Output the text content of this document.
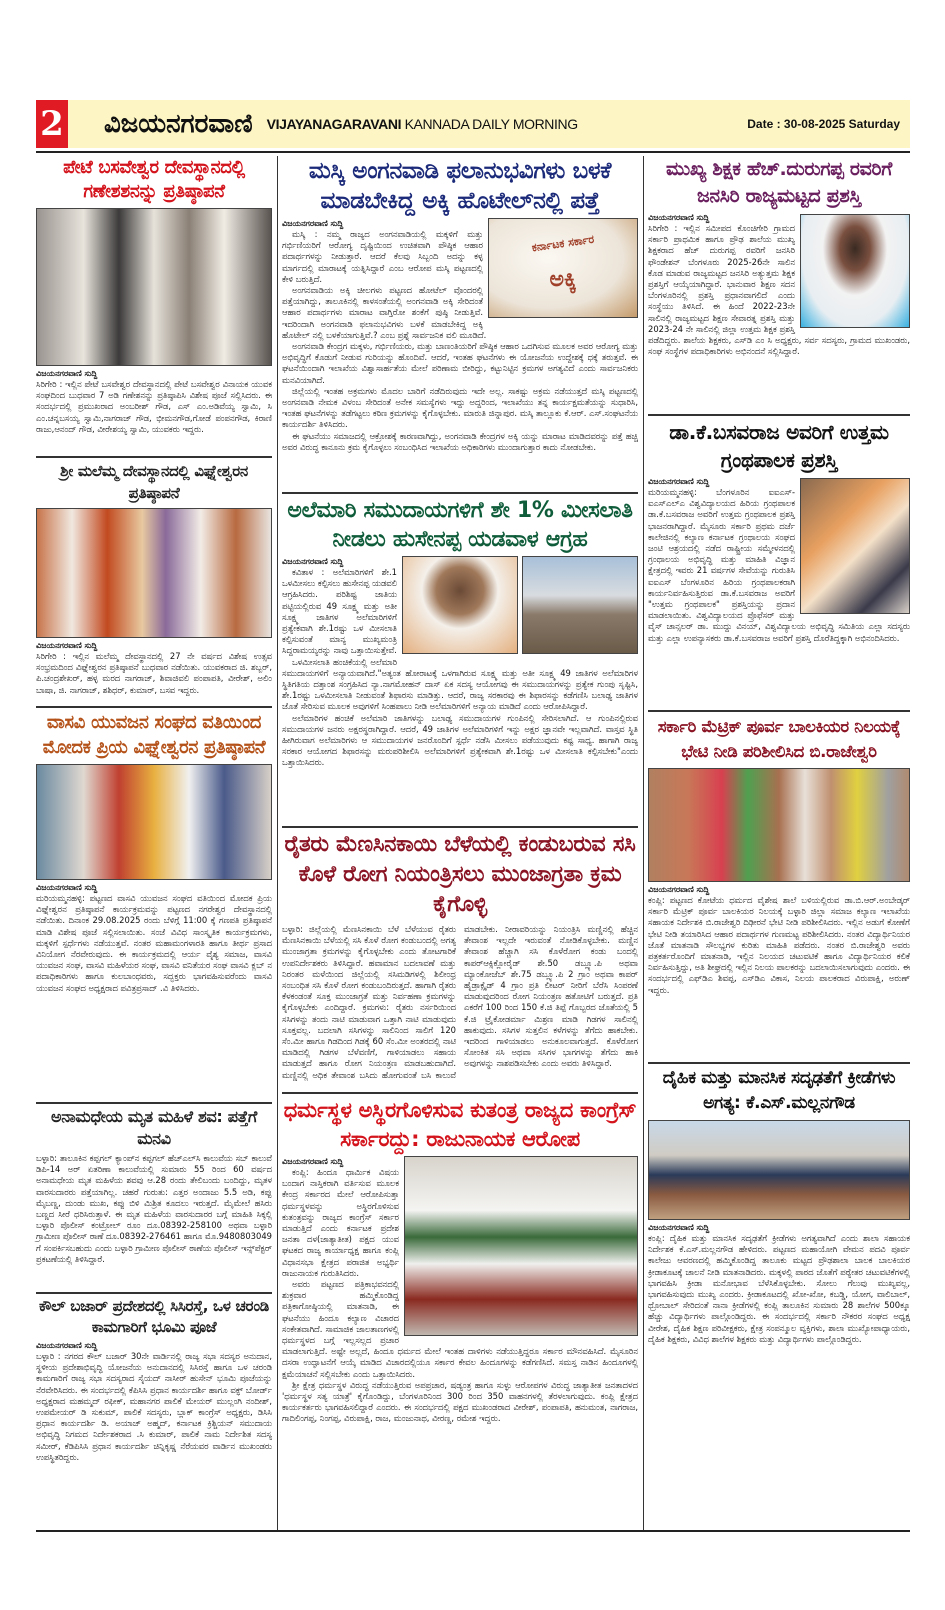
2 ವಿಜಯನಗರವಾಣಿ VIJAYANAGARAVANI KANNADA DAILY MORNING	Date : 30-08-2025 Saturday
ಪೇಟೆ ಬಸವೇಶ್ವರ ದೇವಸ್ಥಾನದಲ್ಲಿ ಗಣೇಶಶನನ್ನು ಪ್ರತಿಷ್ಠಾಪನೆ
ವಿಜಯನಗರವಾಣಿ ಸುದ್ದಿ
ಸಿರಿಗೇರಿ : ಇಲ್ಲಿನ ಪೇಟೆ ಬಸವೇಶ್ವರ ದೇವಸ್ಥಾನದಲ್ಲಿ ಪೇಟೆ ಬಸವೇಶ್ವರ ವಿನಾಯಕ ಯುವಕ ಸಂಘದಿಂದ ಬುಧವಾರ 7 ಅಡಿ ಗಣೇಶನನ್ನು ಪ್ರತಿಷ್ಠಾಪಿಸಿ ವಿಶೇಷ ಪೂಜೆ ಸಲ್ಲಿಸಿದರು. ಈ ಸಂದರ್ಭದಲ್ಲಿ ಪ್ರಮುಖರಾದ ಅಂಬರೀಶ್ ಗೌಡ, ಎಸ್ ಎಂ.ಅಡಿವೆಯ್ಯ ಸ್ವಾಮಿ, ಸಿ ಎಂ.ಚನ್ನಬಸಯ್ಯ ಸ್ವಾಮಿ,ನಾಗರಾಜ್ ಗೌಡ, ಭೀಮನಗೌಡ,ಗೋಡೆ ಪಂಪನಗೌಡ, ಕಿರಾಣಿ ರಾಜು,ಆನಂದ್ ಗೌಡ, ವೀರೇಶಯ್ಯ ಸ್ವಾಮಿ, ಯುವಕರು ಇದ್ದರು.
ಶ್ರೀ ಮಲೆಮ್ಮ ದೇವಸ್ಥಾನದಲ್ಲಿ ವಿಘ್ನೇಶ್ವರನ ಪ್ರತಿಷ್ಠಾಪನೆ
ವಿಜಯನಗರವಾಣಿ ಸುದ್ದಿ
ಸಿರಿಗೇರಿ : ಇಲ್ಲಿನ ಮಲೆಮ್ಮ ದೇವಸ್ಥಾನದಲ್ಲಿ 27 ನೇ ವರ್ಷದ ವಿಶೇಷ ಉತ್ಸವ ಸಂಭ್ರಮದಿಂದ ವಿಘ್ನೇಶ್ವರನ ಪ್ರತಿಷ್ಠಾಪನೆ ಬುಧವಾರ ನಡೆಯಿತು. ಯುವಕರಾದ ಜಿ. ಶಬ್ಬರ್, ಪಿ.ಚಂದ್ರಶೇಖರ್, ಹಳ್ಳ ಮರದ ನಾಗರಾಜ್, ಶಿವಾಜಿವಲಿ ಪಂಪಾಪತಿ, ವೀರೇಶ್, ಅಲಿಂ ಬಾಷಾ, ಜಿ. ನಾಗರಾಜ್, ಶಶಿಧರ್, ಕುಮಾರ್, ಬಸವ ಇದ್ದರು.
ವಾಸವಿ ಯುವಜನ ಸಂಘದ ವತಿಯಿಂದ ಮೋದಕ ಪ್ರಿಯ ವಿಘ್ನೇಶ್ವರನ ಪ್ರತಿಷ್ಠಾಪನೆ
ವಿಜಯನಗರವಾಣಿ ಸುದ್ದಿ
ಮರಿಯಮ್ಮನಹಳ್ಳಿ: ಪಟ್ಟಣದ ವಾಸವಿ ಯುವಜನ ಸಂಘದ ವತಿಯಿಂದ ಮೋದಕ ಪ್ರಿಯ ವಿಘ್ನೇಶ್ವರನ ಪ್ರತಿಷ್ಠಾಪನೆ ಕಾರ್ಯಕ್ರಮವನ್ನು ಪಟ್ಟಣದ ನಗರೇಶ್ವರ ದೇವಸ್ಥಾನದಲ್ಲಿ ನಡೆಯಿತು. ದಿನಾಂಕ 29.08.2025 ರಂದು ಬೆಳಿಗ್ಗೆ 11:00 ಕ್ಕೆ ಗಣಪತಿ ಪ್ರತಿಷ್ಠಾಪನೆ ಮಾಡಿ ವಿಶೇಷ ಪೂಜೆ ಸಲ್ಲಿಸಲಾಯಿತು. ಸಂಜೆ ವಿವಿಧ ಸಾಂಸ್ಕೃತಿಕ ಕಾರ್ಯಕ್ರಮಗಳು, ಮಕ್ಕಳಿಗೆ ಸ್ಪರ್ಧೆಗಳು ನಡೆಯುತ್ತವೆ. ನಂತರ ಮಹಾಮಂಗಳಾರತಿ ಹಾಗೂ ತೀರ್ಥ ಪ್ರಸಾದ ವಿನಿಯೋಗ ನೆರವೇರುವುದು. ಈ ಕಾರ್ಯಕ್ರಮದಲ್ಲಿ ಆರ್ಯ ವೈಶ್ಯ ಸಮಾಜ, ವಾಸವಿ ಯುವಜನ ಸಂಘ, ವಾಸವಿ ಮಹಿಳೆಯರ ಸಂಘ, ವಾಸವಿ ವನಿತೆಯರ ಸಂಘ ವಾಸವಿ ಕ್ಲಬ್ ನ ಪದಾಧಿಕಾರಿಗಳು ಹಾಗೂ ಕುಲಬಾಂಧವರು, ಸದ್ಭಕ್ತರು ಭಾಗವಹಿಸುವರೆಂದು ವಾಸವಿ ಯುವಜನ ಸಂಘದ ಅಧ್ಯಕ್ಷರಾದ ಪವಿತ್ರಪ್ರಸಾದ್ .ವಿ ತಿಳಿಸಿದರು.
ಅನಾಮಧೇಯ ಮೃತ ಮಹಿಳೆ ಶವ: ಪತ್ತೆಗೆ ಮನವಿ
ಬಳ್ಳಾರಿ: ತಾಲೂಕಿನ ಕಪ್ಪಗಲ್ ಕ್ಯಾಂಪ್‌ನ ಕಪ್ಪಗಲ್ ಹೆಚ್‌ಎಲ್‌ಸಿ ಕಾಲುವೆಯ ಸಬ್ ಕಾಲುವೆ ಡಿಪಿ-14 ಅರ್ ಏತರಿಣಾ ಕಾಲುವೆಯಲ್ಲಿ ಸುಮಾರು 55 ರಿಂದ 60 ವರ್ಷದ ಅನಾಮಧೇಯ ಮೃತ ಮಹಿಳೆಯ ಶವವು ಆ.28 ರಂದು ತೇಲಿಬಂದು ಬಂದಿದ್ದು, ಮೃತಳ ವಾರಸುದಾರರು ಪತ್ತೆಯಾಗಿಲ್ಲ. ಚಹರೆ ಗುರುತು: ಎತ್ತರ ಅಂದಾಜು 5.5 ಅಡಿ, ಕಪ್ಪು ಮೈಬಣ್ಣ, ದುಂಡು ಮುಖ, ಕಪ್ಪು ಬಿಳಿ ಮಿಶ್ರಿತ ಕೂದಲು ಇರುತ್ತದೆ. ಮೈಮೇಲೆ ಹಸಿರು ಬಣ್ಣದ ಸೀರೆ ಧರಿಸಿರುತ್ತಾಳೆ. ಈ ಮೃತ ಮಹಿಳೆಯ ವಾರಸುದಾರರ ಬಗ್ಗೆ ಮಾಹಿತಿ ಸಿಕ್ಕಲ್ಲಿ ಬಳ್ಳಾರಿ ಪೊಲೀಸ್ ಕಂಟ್ರೋಲ್ ರೂಂ ದೂ.08392-258100 ಅಥವಾ ಬಳ್ಳಾರಿ ಗ್ರಾಮೀಣ ಪೊಲೀಸ್ ಠಾಣೆ ದೂ.08392-276461 ಹಾಗೂ ಮೊ.9480803049 ಗೆ ಸಂಪರ್ಕಿಸಬಹುದು ಎಂದು ಬಳ್ಳಾರಿ ಗ್ರಾಮೀಣ ಪೊಲೀಸ್ ಠಾಣೆಯ ಪೊಲೀಸ್ ಇನ್ಸ್‌ಪೆಕ್ಟರ್ ಪ್ರಕಟಣೆಯಲ್ಲಿ ತಿಳಿಸಿದ್ದಾರೆ.
ಕೌಲ್ ಬಜಾರ್ ಪ್ರದೇಶದಲ್ಲಿ ಸಿಸಿರಸ್ತೆ, ಒಳ ಚರಂಡಿ ಕಾಮಗಾರಿಗೆ ಭೂಮಿ ಪೂಜೆ
ವಿಜಯನಗರವಾಣಿ ಸುದ್ದಿ
ಬಳ್ಳಾರಿ : ನಗರದ ಕೌಲ್ ಬಜಾರ್ 30ನೇ ವಾರ್ಡಿನಲ್ಲಿ ರಾಜ್ಯ ಸಭಾ ಸದಸ್ಯರ ಅನುದಾನ, ಸ್ಥಳೀಯ ಪ್ರದೇಶಾಭಿವೃದ್ಧಿ ಯೋಜನೆಯ ಅನುದಾನದಲ್ಲಿ ಸಿಸಿರಸ್ತೆ ಹಾಗೂ ಒಳ ಚರಂಡಿ ಕಾಮಗಾರಿಗೆ ರಾಜ್ಯ ಸಭಾ ಸದಸ್ಯರಾದ ಸೈಯದ್ ನಾಸೀರ್ ಹುಸೇನ್ ಭೂಮಿ ಪೂಜೆಯನ್ನು ನೆರವೇರಿಸಿದರು. ಈ ಸಂದರ್ಭದಲ್ಲಿ ಕೆಪಿಸಿಸಿ ಪ್ರಧಾನ ಕಾರ್ಯದರ್ಶಿ ಹಾಗೂ ವಕ್ಫ್ ಬೋರ್ಡ್ ಅಧ್ಯಕ್ಷರಾದ ಮಹಮ್ಮದ್ ರಫೀಕ್, ಮಹಾನಗರ ಪಾಲಿಕೆ ಮೇಯರ್ ಮುಲ್ಲಂಗಿ ನಂದೀಶ್, ಉಪಮೇಯರ್ ಡಿ ಸುಕುಮ್, ಪಾಲಿಕೆ ಸದಸ್ಯರು, ಬ್ಲಾಕ್ ಕಾಂಗ್ರೆಸ್ ಅಧ್ಯಕ್ಷರು, ಡಿಸಿಸಿ ಪ್ರಧಾನ ಕಾರ್ಯದರ್ಶಿ ಡಿ. ಅಯಾಜ್ ಅಹ್ಮದ್, ಕರ್ನಾಟಕ ಕ್ರಿಶ್ಚಿಯನ್ ಸಮುದಾಯ ಅಭಿವೃದ್ಧಿ ನಿಗಮದ ನಿರ್ದೇಶಕರಾದ .ಸಿ ಕುಮಾರ್, ಪಾಲಿಕೆ ನಾಮ ನಿರ್ದೇಶಿತ ಸದಸ್ಯ ಸಮೀರ್, ಕೆಡಿಪಿಸಿಸಿ ಪ್ರಧಾನ ಕಾರ್ಯದರ್ಶಿ ಚಿನ್ನಿಕೃಷ್ಣ ನೆರೆಯವರ ವಾರ್ಡಿನ ಮುಖಂಡರು ಉಪಸ್ಥಿತರಿದ್ದರು.
ಮಸ್ಕಿ ಅಂಗನವಾಡಿ ಫಲಾನುಭವಿಗಳು ಬಳಕೆ ಮಾಡಬೇಕಿದ್ದ ಅಕ್ಕಿ ಹೊಟೇಲ್‌ನಲ್ಲಿ ಪತ್ತೆ
ಕರ್ನಾಟಕ ಸರ್ಕಾರ
ಅಕ್ಕಿ
ವಿಜಯನಗರವಾಣಿ ಸುದ್ದಿ

ಮಸ್ಕಿ : ನಮ್ಮ ರಾಜ್ಯದ ಅಂಗನವಾಡಿಯಲ್ಲಿ ಮಕ್ಕಳಿಗೆ ಮತ್ತು ಗರ್ಭಿಣಿಯರಿಗೆ ಆರೋಗ್ಯ ದೃಷ್ಟಿಯಿಂದ ಉಚಿತವಾಗಿ ಪೌಷ್ಠಿಕ ಆಹಾರ ಪದಾರ್ಥಗಳನ್ನು ನೀಡುತ್ತಾರೆ. ಆದರೆ ಕೆಲವು ಸಿಬ್ಬಂದಿ ಅದನ್ನು ಕಳ್ಳ ಮಾರ್ಗದಲ್ಲಿ ಮಾರಾಟಕ್ಕೆ ಯತ್ನಿಸಿದ್ದಾರೆ ಎಂಬ ಆರೋಪ ಮಸ್ಕಿ ಪಟ್ಟಣದಲ್ಲಿ ಕೇಳಿ ಬರುತ್ತಿದೆ.

ಅಂಗನವಾಡಿಯ ಅಕ್ಕಿ ಚೀಲಗಳು ಪಟ್ಟಣದ ಹೋಟೆಲ್ ವೊಂದರಲ್ಲಿ ಪತ್ತೆಯಾಗಿದ್ದು, ತಾಲೂಕಿನಲ್ಲಿ ಕಾಳಸಂತೆಯಲ್ಲಿ ಅಂಗನವಾಡಿ ಅಕ್ಕಿ ಸೇರಿದಂತೆ ಆಹಾರ ಪದಾರ್ಥಗಳು ಮಾರಾಟ ವಾಗ್ತಿರೋ ಶಂಕೆಗೆ ಪುಷ್ಠಿ ನೀಡುತ್ತಿವೆ. ಇದರಿಂದಾಗಿ ಅಂಗನವಾಡಿ ಫಲಾನುಭವಿಗಳು ಬಳಕೆ ಮಾಡಬೇಕಿದ್ದ ಅಕ್ಕಿ ಹೊಟೇಲ್ ನಲ್ಲಿ ಬಳಕೆಯಾಗುತ್ತಿವೆ.? ಎಂಬ ಪ್ರಶ್ನೆ ಸಾರ್ವಜನಿಕ ವಲಿ ಮೂಡಿದೆ.

ಅಂಗನವಾಡಿ ಕೇಂದ್ರಗ ಮಕ್ಕಳು, ಗರ್ಭಿಣಿಯರು, ಮತ್ತು ಬಾಣಂತಿಯರಿಗೆ ಪೌಷ್ಠಿಕ ಆಹಾರ ಒದಗಿಸುವ ಮೂಲಕ ಅವರ ಆರೋಗ್ಯ ಮತ್ತು ಅಭಿವೃದ್ಧಿಗೆ ಕೊಡುಗೆ ನೀಡುವ ಗುರಿಯನ್ನು ಹೊಂದಿವೆ. ಆದರೆ, ಇಂತಹ ಘಟನೆಗಳು ಈ ಯೋಜನೆಯ ಉದ್ದೇಶಕ್ಕೆ ಧಕ್ಕೆ ತರುತ್ತವೆ. ಈ ಘಟನೆಯಿಂದಾಗಿ ಇಲಾಖೆಯ ವಿಶ್ವಾಸಾರ್ಹತೆಯ ಮೇಲೆ ಪರಿಣಾಮ ಬೀರಿದ್ದು, ಕಟ್ಟುನಿಟ್ಟಿನ ಕ್ರಮಗಳ ಅಗತ್ಯವಿದೆ ಎಂದು ಸಾರ್ವಜನಿಕರು ಮನವಿಯಾಗಿದೆ.

ಜಿಲ್ಲೆಯಲ್ಲಿ ಇಂತಹ ಅಕ್ರಮಗಳು ಮೊದಲ ಬಾರಿಗೆ ನಡೆದಿರುವುದು ಇದೇ ಅಲ್ಲ. ಸಾಕಷ್ಟು ಅಕ್ರಮ ನಡೆಯುತ್ತದೆ ಮಸ್ಕಿ ಪಟ್ಟಣದಲ್ಲಿ ಅಂಗನವಾಡಿ ನೇಮಕ ವಿಳಂಬ ಸೇರಿದಂತೆ ಅನೇಕ ಸಮಸ್ಯೆಗಳು ಇದ್ದು ಅದ್ದರಿಂದ, ಇಲಾಖೆಯು ತನ್ನ ಕಾರ್ಯಕ್ಷಮತೆಯನ್ನು ಸುಧಾರಿಸಿ, ಇಂತಹ ಘಟನೆಗಳನ್ನು ತಡೆಗಟ್ಟಲು ಕಠಿಣ ಕ್ರಮಗಳನ್ನು ಕೈಗೊಳ್ಳಬೇಕು. ಮಾರುತಿ ಜಿನ್ನಾಪುರ. ಮಸ್ಕಿ ತಾಲ್ಲೂಕು ಕೆ.ಆರ್. ಎಸ್.ಸಂಘಟನೆಯ ಕಾರ್ಯದರ್ಶಿ ತಿಳಿಸಿದರು.

ಈ ಘಟನೆಯು ಸಮಾಜದಲ್ಲಿ ಆಕ್ರೋಶಕ್ಕೆ ಕಾರಣವಾಗಿದ್ದು, ಅಂಗನವಾಡಿ ಕೇಂದ್ರಗಳ ಅಕ್ಕಿ ಯನ್ನು ಮಾರಾಟ ಮಾಡಿದವರನ್ನು ಪತ್ತೆ ಹಚ್ಚಿ ಅವರ ವಿರುದ್ಧ ಕಾನೂನು ಕ್ರಮ ಕೈಗೊಳ್ಳಲು ಸಂಬಂಧಿಸಿದ ಇಲಾಖೆಯ ಅಧಿಕಾರಿಗಳು ಮುಂದಾಗುತ್ತಾರ ಕಾದು ನೋಡಬೇಕು.

ಅಲೆಮಾರಿ ಸಮುದಾಯಗಳಿಗೆ ಶೇ 1% ಮೀಸಲಾತಿ ನೀಡಲು ಹುಸೇನಪ್ಪ ಯಡವಾಳ ಆಗ್ರಹ
ವಿಜಯನಗರವಾಣಿ ಸುದ್ದಿ

ಕವಿತಾಳ : ಅಲೆಮಾರಿಗಳಿಗೆ ಶೇ.1 ಒಳಮೀಸಲು ಕಲ್ಪಿಸಲು ಹುಸೇನಪ್ಪ ಯಡವಲಿ ಆಗ್ರಹಿಸಿದರು. ಪರಿಶಿಷ್ಟ ಜಾತಿಯ ಪಟ್ಟಿಯಲ್ಲಿರುವ 49 ಸೂಕ್ಷ್ಮ ಮತ್ತು ಅತೀ ಸೂಕ್ಷ್ಮ ಜಾತಿಗಳ ಅಲೆಮಾರಿಗಳಿಗೆ ಪ್ರತ್ಯೇಕವಾಗಿ ಶೇ.1ರಷ್ಟು ಒಳ ಮೀಸಲಾತಿ ಕಲ್ಪಿಸುವಂತೆ ಮಾನ್ಯ ಮುಖ್ಯಮಂತ್ರಿ ಸಿದ್ದರಾಮಯ್ಯರನ್ನು ನಾವು ಒತ್ತಾಯಿಸುತ್ತೇವೆ.

ಒಳಮೀಸಲಾತಿ ಹಂಚಿಕೆಯಲ್ಲಿ ಅಲೆಮಾರಿ ಸಮುದಾಯಗಳಿಗೆ ಅನ್ಯಾಯವಾಗಿದೆ."ಅತ್ಯಂತ ಹೋರಾಟಕ್ಕೆ ಒಳಗಾಗಿರುವ ಸೂಕ್ಷ್ಮ ಮತ್ತು ಅತೀ ಸೂಕ್ಷ್ಮ 49 ಜಾತಿಗಳ ಅಲೆಮಾರಿಗಳ ಸ್ಥಿತಿಗತಿಯ ದತ್ತಾಂಶ ಸಂಗ್ರಹಿಸಿದ ನ್ಯಾ.ನಾಗಮೋಹನ್ ದಾಸ್ ಏಕ ಸದಸ್ಯ ಆಯೋಗವು ಈ ಸಮುದಾಯಗಳನ್ನು ಪ್ರತ್ಯೇಕ ಗುಂಪು ಸೃಷ್ಟಿಸಿ, ಶೇ.1ರಷ್ಟು ಒಳಮೀಸಲಾತಿ ನೀಡುವಂತೆ ಶಿಫಾರಸು ಮಾಡಿತ್ತು. ಆದರೆ, ರಾಜ್ಯ ಸರಕಾರವು ಈ ಶಿಫಾರಸನ್ನು ಕಡೆಗಣಿಸಿ ಬಲಾಢ್ಯ ಜಾತಿಗಳ ಜೊತೆ ಸೇರಿಸುವ ಮೂಲಕ ಅವುಗಳಿಗೆ ಸಿಂಹಪಾಲು ನೀಡಿ ಅಲೆಮಾರಿಗಳಿಗೆ ಅನ್ಯಾಯ ಮಾಡಿದೆ ಎಂದು ಆರೋಪಿಸಿದ್ದಾರೆ.

ಅಲೆಮಾರಿಗಳ ಹಂಚಿಕೆ ಅಲೆಮಾರಿ ಜಾತಿಗಳನ್ನು ಬಲಾಢ್ಯ ಸಮುದಾಯಗಳ ಗುಂಪಿನಲ್ಲಿ ಸೇರಿಸಲಾಗಿದೆ. ಆ ಗುಂಪಿನಲ್ಲಿರುವ ಸಮುದಾಯಗಳ ಜನರು ಅಕ್ಷರಸ್ಥರಾಗಿದ್ದಾರೆ. ಆದರೆ, 49 ಜಾತಿಗಳ ಅಲೆಮಾರಿಗಳಿಗೆ ಇನ್ನು ಅಕ್ಷರ ಜ್ಞಾನವೇ ಇಲ್ಲವಾಗಿದೆ. ವಾಸ್ತವ ಸ್ಥಿತಿ ಹೀಗಿರುವಾಗ ಅಲೆಮಾರಿಗಳು ಆ ಸಮುದಾಯಗಳ ಜನರೊಂದಿಗೆ ಸ್ಪರ್ಧೆ ನಡೆಸಿ ಮೀಸಲು ಪಡೆಯುವುದು ಕಷ್ಟ ಸಾಧ್ಯ. ಹಾಗಾಗಿ ರಾಜ್ಯ ಸರಕಾರ ಆಯೋಗದ ಶಿಫಾರಸನ್ನು ಮರುಪರಿಶೀಲಿಸಿ ಅಲೆಮಾರಿಗಳಿಗೆ ಪ್ರತ್ಯೇಕವಾಗಿ ಶೇ.1ರಷ್ಟು ಒಳ ಮೀಸಲಾತಿ ಕಲ್ಪಿಸಬೇಕು"ಎಂದು ಒತ್ತಾಯಿಸಿದರು.

ರೈತರು ಮೆಣಸಿನಕಾಯಿ ಬೆಳೆಯಲ್ಲಿ ಕಂಡುಬರುವ ಸಸಿ ಕೊಳೆ ರೋಗ ನಿಯಂತ್ರಿಸಲು ಮುಂಜಾಗ್ರತಾ ಕ್ರಮ ಕೈಗೊಳ್ಳಿ
ಬಳ್ಳಾರಿ: ಜಿಲ್ಲೆಯಲ್ಲಿ ಮೆಣಸಿನಕಾಯಿ ಬೆಳೆ ಬೆಳೆಯುವ ರೈತರು ಮೆಣಸಿನಕಾಯಿ ಬೆಳೆಯಲ್ಲಿ ಸಸಿ ಕೊಳೆ ರೋಗ ಕಂಡುಬಂದಲ್ಲಿ ಅಗತ್ಯ ಮುಂಜಾಗ್ರತಾ ಕ್ರಮಗಳನ್ನು ಕೈಗೊಳ್ಳಬೇಕು ಎಂದು ತೋಟಗಾರಿಕೆ ಉಪನಿರ್ದೇಶಕರು ತಿಳಿಸಿದ್ದಾರೆ. ಹವಾಮಾನ ಬದಲಾವಣೆ ಮತ್ತು ನಿರಂತರ ಮಳೆಯಿಂದ ಜಿಲ್ಲೆಯಲ್ಲಿ ಸಸಿಮಡಿಗಳಲ್ಲಿ ಶಿಲೀಂಧ್ರ ಸಂಬಂಧಿತ ಸಸಿ ಕೊಳೆ ರೋಗ ಕಂಡುಬಂದಿರುತ್ತದೆ. ಹಾಗಾಗಿ ರೈತರು ಕೆಳಕಂಡಂತೆ ಸೂಕ್ತ ಮುಂಜಾಗ್ರತೆ ಮತ್ತು ನಿರ್ವಹಣಾ ಕ್ರಮಗಳನ್ನು ಕೈಗೊಳ್ಳಬೇಕು ಎಂದಿದ್ದಾರೆ. ಕ್ರಮಗಳು: ರೈತರು ನರ್ಸರಿಯಿಂದ ಸಸಿಗಳನ್ನು ತಂದು ನಾಟಿ ಮಾಡುವಾಗ ಒತ್ತಾಗಿ ನಾಟಿ ಮಾಡುವುದು ಸೂಕ್ತವಲ್ಲ. ಬದಲಾಗಿ ಸಸಿಗಳನ್ನು ಸಾಲಿನಿಂದ ಸಾಲಿಗೆ 120 ಸೆಂ.ಮೀ ಹಾಗೂ ಗಿಡದಿಂದ ಗಿಡಕ್ಕೆ 60 ಸೆಂ.ಮೀ ಅಂತರದಲ್ಲಿ ನಾಟಿ ಮಾಡಿದಲ್ಲಿ ಗಿಡಗಳ ಬೆಳೆವಣಿಗೆ, ಗಾಳಿಯಾಡಲು ಸಹಾಯ ಮಾಡುತ್ತದೆ ಹಾಗೂ ರೋಗ ನಿಯಂತ್ರಣ ಮಾಡಬಹುದಾಗಿದೆ. ಮಣ್ಣಿನಲ್ಲಿ ಅಧಿಕ ತೇವಾಂಶ ಬಸಿದು ಹೋಗುವಂತೆ ಬಸಿ ಕಾಲುವೆ ಮಾಡಬೇಕು. ನೀರಾವರಿಯನ್ನು ನಿಯಂತ್ರಿಸಿ ಮಣ್ಣಿನಲ್ಲಿ ಹೆಚ್ಚಿನ ತೇವಾಂಶ ಇಲ್ಲದೇ ಇರುವಂತೆ ನೋಡಿಕೊಳ್ಳಬೇಕು. ಮಣ್ಣಿನ ತೇವಾಂಶ ಹೆಚ್ಚಾಗಿ ಸಸಿ ಕೊಳೆರೋಗ ಕಂಡು ಬಂದಲ್ಲಿ ಕಾಪರ್‌ಆಕ್ಸಿಕ್ಲೋರೈಡ್ ಶೇ.50 ಡಬ್ಲ್ಯೂ.ಪಿ ಅಥವಾ ಮ್ಯಾಂಕೋಜೆಬ್ ಶೇ.75 ಡಬ್ಲ್ಯೂ.ಪಿ 2 ಗ್ರಾಂ ಅಥವಾ ಕಾಪರ್ ಹೈಡ್ರಾಕ್ಸೈಡ್ 4 ಗ್ರಾಂ ಪ್ರತಿ ಲೀಟರ್ ನೀರಿಗೆ ಬೆರೆಸಿ ಸಿಂಪರಣೆ ಮಾಡುವುದರಿಂದ ರೋಗ ನಿಯಂತ್ರಣ ಹತೋಟಿಗೆ ಬರುತ್ತದೆ. ಪ್ರತಿ ಎಕರೆಗೆ 100 ರಿಂದ 150 ಕೆ.ಜಿ ತಿಪ್ಪೆ ಗೊಬ್ಬರದ ಜೊತೆಯಲ್ಲಿ 5 ಕೆ.ಜಿ ಟ್ರೈಕೋಡರ್ಮಾ ಮಿಶ್ರಣ ಮಾಡಿ ಗಿಡಗಳ ಸಾಲಿನಲ್ಲಿ ಹಾಕುವುದು. ಸಸಿಗಳ ಸುತ್ತಲಿನ ಕಳೆಗಳನ್ನು ತೆಗೆದು ಹಾಕಬೇಕು. ಇದರಿಂದ ಗಾಳಿಯಾಡಲು ಅನುಕೂಲವಾಗುತ್ತದೆ. ಕೊಳೆರೋಗ ಸೋಂಕಿತ ಸಸಿ ಅಥವಾ ಸಸಿಗಳ ಭಾಗಗಳನ್ನು ತೆಗೆದು ಹಾಕಿ ಅವುಗಳನ್ನು ನಾಶಪಡಿಸಬೇಕು ಎಂದು ಅವರು ತಿಳಿಸಿದ್ದಾರೆ.
ಧರ್ಮಸ್ಥಳ ಅಸ್ಥಿರಗೊಳಿಸುವ ಕುತಂತ್ರ ರಾಜ್ಯದ ಕಾಂಗ್ರೆಸ್ ಸರ್ಕಾರದ್ದು: ರಾಜುನಾಯಕ ಆರೋಪ
ವಿಜಯನಗರವಾಣಿ ಸುದ್ದಿ

ಕಂಪ್ಲಿ: ಹಿಂದೂ ಧಾರ್ಮಿಕ ವಿಷಯ ಬಂದಾಗ ನಾಸ್ತಿಕರಾಗಿ ವರ್ತಿಸುವ ಮೂಲಕ ಕೇಂದ್ರ ಸರ್ಕಾರದ ಮೇಲೆ ಆರೋಪಿಸುತ್ತಾ ಧರ್ಮಸ್ಥಳವನ್ನು ಅಸ್ಥಿರಗೊಳಿಸುವ ಕುತಂತ್ರವನ್ನು ರಾಜ್ಯದ ಕಾಂಗ್ರೆಸ್ ಸರ್ಕಾರ ಮಾಡುತ್ತಿದೆ ಎಂದು ಕರ್ನಾಟಕ ಪ್ರದೇಶ ಜನತಾ ದಳ(ಜಾತ್ಯಾತೀತ) ಪಕ್ಷದ ಯುವ ಘಟಕದ ರಾಜ್ಯ ಕಾರ್ಯಾಧ್ಯಕ್ಷ ಹಾಗೂ ಕಂಪ್ಲಿ ವಿಧಾನಸಭಾ ಕ್ಷೇತ್ರದ ಪರಾಜಿತ ಅಭ್ಯರ್ಥಿ ರಾಜುನಾಯಕ ಗುರುತಿಸಿದರು.

ಅವರು ಪಟ್ಟಣದ ಪತ್ರಿಕಾಭವನದಲ್ಲಿ ಶುಕ್ರವಾರ ಹಮ್ಮಿಕೊಂಡಿದ್ದ ಪತ್ರಿಕಾಗೋಷ್ಠಿಯಲ್ಲಿ ಮಾತನಾಡಿ, ಈ ಘಟನೆಯು ಹಿಂದೂ ಕಲ್ಯಾಣ ವಿಚಾರದ ಸಂಕೇತವಾಗಿದೆ. ಸಾಮಾಜಿಕ ಜಾಲತಾಣಗಳಲ್ಲಿ ಧರ್ಮಸ್ಥಳದ ಬಗ್ಗೆ ಇಲ್ಲಸಲ್ಲದ ಪ್ರಚಾರ ಮಾಡಲಾಗುತ್ತಿದೆ. ಅಷ್ಟೇ ಅಲ್ಲದೆ, ಹಿಂದೂ ಧರ್ಮದ ಮೇಲೆ ಇಂತಹ ದಾಳಿಗಳು ನಡೆಯುತ್ತಿದ್ದರೂ ಸರ್ಕಾರ ಮೌನವಹಿಸಿದೆ. ಮೈಸೂರಿನ ದಸರಾ ಉದ್ಘಾಟನೆಗೆ ಆಯ್ಕೆ ಮಾಡಿದ ವಿಚಾರದಲ್ಲಿಯೂ ಸರ್ಕಾರ ಕೇವಲ ಹಿಂದೂಗಳನ್ನು ಕಡೆಗಣಿಸಿದೆ. ಸಮಸ್ತ ನಾಡಿನ ಹಿಂದೂಗಳಲ್ಲಿ ಕ್ಷಮೆಯಾಚನೆ ಸಲ್ಲಿಸಬೇಕು ಎಂದು ಒತ್ತಾಯಿಸಿದರು.

ಶ್ರೀ ಕ್ಷೇತ್ರ ಧರ್ಮಸ್ಥಳ ವಿರುದ್ಧ ನಡೆಯುತ್ತಿರುವ ಅಪಪ್ರಚಾರ, ಷಡ್ಯಂತ್ರ ಹಾಗೂ ಸುಳ್ಳು ಆರೋಪಗಳ ವಿರುದ್ಧ ಜಾತ್ಯಾತೀತ ಜನತಾದಳದ 'ಧರ್ಮಸ್ಥಳ ಸತ್ಯ ಯಾತ್ರೆ' ಕೈಗೊಂಡಿದ್ದು, ಬೆಂಗಳೂರಿನಿಂದ 300 ರಿಂದ 350 ವಾಹನಗಳಲ್ಲಿ ತೆರಳಲಾಗುವುದು. ಕಂಪ್ಲಿ ಕ್ಷೇತ್ರದ ಕಾರ್ಯಕರ್ತರು ಭಾಗವಹಿಸಲಿದ್ದಾರೆ ಎಂದರು. ಈ ಸಂದರ್ಭದಲ್ಲಿ ಪಕ್ಷದ ಮುಖಂಡರಾದ ವೀರೇಶ್, ಪಂಪಾಪತಿ, ಹನುಮಂತ, ನಾಗರಾಜ, ಗಾದಿಲಿಂಗಪ್ಪ, ನಿಂಗಪ್ಪ, ವಿರುಪಾಕ್ಷಿ, ರಾಜ, ಮಂಜುನಾಥ, ವೀರಣ್ಣ, ರಮೇಶ ಇದ್ದರು.

ಮುಖ್ಯ ಶಿಕ್ಷಕ ಹೆಚ್.ದುರುಗಪ್ಪ ರವರಿಗೆ ಜನಸಿರಿ ರಾಜ್ಯಮಟ್ಟದ ಪ್ರಶಸ್ತಿ
ವಿಜಯನಗರವಾಣಿ ಸುದ್ದಿ
ಸಿರಿಗೇರಿ : ಇಲ್ಲಿನ ಸಮೀಪದ ಕೊಂಚಿಗೇರಿ ಗ್ರಾಮದ ಸರ್ಕಾರಿ ಪ್ರಾಥಮಿಕ ಹಾಗೂ ಪ್ರೌಢ ಶಾಲೆಯ ಮುಖ್ಯ ಶಿಕ್ಷಕರಾದ ಹೆಚ್ ದುರುಗಪ್ಪ ರವರಿಗೆ ಜನಸಿರಿ ಫೌಂಡೇಶನ್ ಬೆಂಗಳೂರು 2025-26ನೇ ಸಾಲಿನ ಕೊಡ ಮಾಡುವ ರಾಜ್ಯಮಟ್ಟದ ಜನಸಿರಿ ಅತ್ಯುತ್ತಮ ಶಿಕ್ಷಕ ಪ್ರಶಸ್ತಿಗೆ ಆಯ್ಕೆಯಾಗಿದ್ದಾರೆ. ಭಾನುವಾರ ಶಿಕ್ಷಣ ಸದನ ಬೆಂಗಳೂರಿನಲ್ಲಿ ಪ್ರಶಸ್ತಿ ಪ್ರಧಾನವಾಗಲಿದೆ ಎಂದು ಸಂಸ್ಥೆಯು ತಿಳಿಸಿದೆ. ಈ ಹಿಂದೆ 2022-23ನೇ ಸಾಲಿನಲ್ಲಿ ರಾಜ್ಯಮಟ್ಟದ ಶಿಕ್ಷಣ ಸೇವಾರತ್ನ ಪ್ರಶಸ್ತಿ ಮತ್ತು 2023-24 ನೇ ಸಾಲಿನಲ್ಲಿ ಜಿಲ್ಲಾ ಉತ್ತಮ ಶಿಕ್ಷಕ ಪ್ರಶಸ್ತಿ ಪಡೆದಿದ್ದರು. ಶಾಲೆಯ ಶಿಕ್ಷಕರು, ಎಸ್‌ಡಿ ಎಂ ಸಿ ಅಧ್ಯಕ್ಷರು, ಸರ್ವ ಸದಸ್ಯರು, ಗ್ರಾಮದ ಮುಖಂಡರು, ಸಂಘ ಸಂಸ್ಥೆಗಳ ಪದಾಧಿಕಾರಿಗಳು ಅಭಿನಂದನೆ ಸಲ್ಲಿಸಿದ್ದಾರೆ.
ಡಾ.ಕೆ.ಬಸವರಾಜ ಅವರಿಗೆ ಉತ್ತಮ ಗ್ರಂಥಪಾಲಕ ಪ್ರಶಸ್ತಿ
ವಿಜಯನಗರವಾಣಿ ಸುದ್ದಿ
ಮರಿಯಮ್ಮನಹಳ್ಳಿ: ಬೆಂಗಳೂರಿನ ಐಐಎಸ್-ಐಎಸ್ಎಲ್ಎ ವಿಶ್ವವಿದ್ಯಾಲಯದ ಹಿರಿಯ ಗ್ರಂಥಪಾಲಕ ಡಾ.ಕೆ.ಬಸವರಾಜ ಅವರಿಗೆ ಉತ್ತಮ ಗ್ರಂಥಪಾಲಕ ಪ್ರಶಸ್ತಿ ಭಾಜನರಾಗಿದ್ದಾರೆ. ಮೈಸೂರು ಸರ್ಕಾರಿ ಪ್ರಥಮ ದರ್ಜೆ ಕಾಲೇಜಿನಲ್ಲಿ ಕಲ್ಯಾಣ ಕರ್ನಾಟಕ ಗ್ರಂಥಾಲಯ ಸಂಘದ ಜಂಟಿ ಆಶ್ರಯದಲ್ಲಿ ನಡೆದ ರಾಷ್ಟ್ರೀಯ ಸಮ್ಮೇಳನದಲ್ಲಿ ಗ್ರಂಥಾಲಯ ಅಭಿವೃದ್ಧಿ ಮತ್ತು ಮಾಹಿತಿ ವಿಜ್ಞಾನ ಕ್ಷೇತ್ರದಲ್ಲಿ ಇವರು 21 ವರ್ಷಗಳ ಸೇವೆಯನ್ನು ಗುರುತಿಸಿ ಐಐಎಸ್ ಬೆಂಗಳೂರಿನ ಹಿರಿಯ ಗ್ರಂಥಪಾಲಕರಾಗಿ ಕಾರ್ಯನಿರ್ವಹಿಸುತ್ತಿರುವ ಡಾ.ಕೆ.ಬಸವರಾಜ ಅವರಿಗೆ "ಉತ್ತಮ ಗ್ರಂಥಪಾಲಕ" ಪ್ರಶಸ್ತಿಯನ್ನು ಪ್ರದಾನ ಮಾಡಲಾಯಿತು. ವಿಶ್ವವಿದ್ಯಾಲಯದ ಪ್ರೊಫೆಸರ್ ಮತ್ತು ವೈಸ್ ಚಾನ್ಸಲರ್ ಡಾ. ಮುದ್ದು ವಿನಯ್, ವಿಶ್ವವಿದ್ಯಾಲಯ ಅಭಿವೃದ್ಧಿ ಸಮಿತಿಯ ಎಲ್ಲಾ ಸದಸ್ಯರು ಮತ್ತು ಎಲ್ಲಾ ಉಪನ್ಯಾಸಕರು ಡಾ.ಕೆ.ಬಸವರಾಜ ಅವರಿಗೆ ಪ್ರಶಸ್ತಿ ದೊರೆತಿದ್ದಕ್ಕಾಗಿ ಅಭಿನಂದಿಸಿದರು.
ಸರ್ಕಾರಿ ಮೆಟ್ರಿಕ್ ಪೂರ್ವ ಬಾಲಕಿಯರ ನಿಲಯಕ್ಕೆ ಭೇಟಿ ನೀಡಿ ಪರಿಶೀಲಿಸಿದ ಬಿ.ರಾಜೇಶ್ವರಿ
ವಿಜಯನಗರವಾಣಿ ಸುದ್ದಿ
ಕಂಪ್ಲಿ: ಪಟ್ಟಣದ ಕೋಟೆಯ ಧರ್ಮದ ವೈಶೇಷ ಶಾಲೆ ಬಳಿಯಲ್ಲಿರುವ ಡಾ.ಬಿ.ಆರ್.ಅಂಬೇಡ್ಕರ್ ಸರ್ಕಾರಿ ಮೆಟ್ರಿಕ್ ಪೂರ್ವ ಬಾಲಕಿಯರ ನಿಲಯಕ್ಕೆ ಬಳ್ಳಾರಿ ಜಿಲ್ಲಾ ಸಮಾಜ ಕಲ್ಯಾಣ ಇಲಾಖೆಯ ಸಹಾಯಕ ನಿರ್ದೇಶಕಿ ಬಿ.ರಾಜೇಶ್ವರಿ ದಿಢೀರನೆ ಭೇಟಿ ನೀಡಿ ಪರಿಶೀಲಿಸಿದರು. ಇಲ್ಲಿನ ಅಡುಗೆ ಕೋಣೆಗೆ ಭೇಟಿ ನೀಡಿ ತಯಾರಿಸಿದ ಆಹಾರ ಪದಾರ್ಥಗಳ ಗುಣಮಟ್ಟ ಪರಿಶೀಲಿಸಿದರು. ನಂತರ ವಿದ್ಯಾರ್ಥಿನಿಯರ ಜೊತೆ ಮಾತನಾಡಿ ಸೌಲಭ್ಯಗಳ ಕುರಿತು ಮಾಹಿತಿ ಪಡೆದರು. ನಂತರ ಬಿ.ರಾಜೇಶ್ವರಿ ಅವರು ಪತ್ರಕರ್ತರೊಂದಿಗೆ ಮಾತನಾಡಿ, ಇಲ್ಲಿನ ನಿಲಯದ ಚಟುವಟಿಕೆ ಹಾಗೂ ವಿದ್ಯಾರ್ಥಿನಿಯರ ಕಲಿಕೆ ನಿರ್ವಹಿಸುತ್ತಿದ್ದು, ಅತಿ ಶೀಘ್ರದಲ್ಲಿ ಇಲ್ಲಿನ ನಿಲಯ ಪಾಲಕರನ್ನು ಬದಲಾಯಿಸಲಾಗುವುದು ಎಂದರು. ಈ ಸಂದರ್ಭದಲ್ಲಿ ಎಫ್‌ಡಿಎ ಶಿವಪ್ಪ, ಎಸ್‌ಡಿಎ ವಿಕಾಸ, ನಿಲಯ ಪಾಲಕರಾದ ವಿರುಪಾಕ್ಷಿ, ಅರುಣ್ ಇದ್ದರು.
ದೈಹಿಕ ಮತ್ತು ಮಾನಸಿಕ ಸದೃಢತೆಗೆ ಕ್ರೀಡೆಗಳು ಅಗತ್ಯ: ಕೆ.ಎಸ್.ಮಲ್ಲನಗೌಡ
ವಿಜಯನಗರವಾಣಿ ಸುದ್ದಿ
ಕಂಪ್ಲಿ: ದೈಹಿಕ ಮತ್ತು ಮಾನಸಿಕ ಸದೃಢತೆಗೆ ಕ್ರೀಡೆಗಳು ಅಗತ್ಯವಾಗಿದೆ ಎಂದು ಶಾಲಾ ಸಹಾಯಕ ನಿರ್ದೇಶಕ ಕೆ.ಎಸ್.ಮಲ್ಲನಗೌಡ ಹೇಳಿದರು. ಪಟ್ಟಣದ ಮಹಾಯೋಗಿ ವೇಮನ ಪದವಿ ಪೂರ್ವ ಕಾಲೇಜು ಆವರಣದಲ್ಲಿ ಹಮ್ಮಿಕೊಂಡಿದ್ದ ತಾಲೂಕು ಮಟ್ಟದ ಪ್ರೌಢಶಾಲಾ ಬಾಲಕ ಬಾಲಕಿಯರ ಕ್ರೀಡಾಕೂಟಕ್ಕೆ ಚಾಲನೆ ನೀಡಿ ಮಾತನಾಡಿದರು. ಮಕ್ಕಳಲ್ಲಿ ಪಾಠದ ಜೊತೆಗೆ ಪಠ್ಯೇತರ ಚಟುವಟಿಕೆಗಳಲ್ಲಿ ಭಾಗವಹಿಸಿ ಕ್ರೀಡಾ ಮನೋಭಾವ ಬೆಳೆಸಿಕೊಳ್ಳಬೇಕು. ಸೋಲು ಗೆಲುವು ಮುಖ್ಯವಲ್ಲ, ಭಾಗವಹಿಸುವುದು ಮುಖ್ಯ ಎಂದರು. ಕ್ರೀಡಾಕೂಟದಲ್ಲಿ ಖೋ-ಖೋ, ಕಬಡ್ಡಿ, ಯೋಗ, ವಾಲಿಬಾಲ್, ಥ್ರೋಬಾಲ್ ಸೇರಿದಂತೆ ನಾನಾ ಕ್ರೀಡೆಗಳಲ್ಲಿ ಕಂಪ್ಲಿ ತಾಲೂಕಿನ ಸುಮಾರು 28 ಶಾಲೆಗಳ 500ಕ್ಕೂ ಹೆಚ್ಚು ವಿದ್ಯಾರ್ಥಿಗಳು ಪಾಲ್ಗೊಂಡಿದ್ದರು. ಈ ಸಂದರ್ಭದಲ್ಲಿ ಸರ್ಕಾರಿ ನೌಕರರ ಸಂಘದ ಅಧ್ಯಕ್ಷ ವೀರೇಶ, ದೈಹಿಕ ಶಿಕ್ಷಣ ಪರಿವೀಕ್ಷಕರು, ಕ್ಷೇತ್ರ ಸಂಪನ್ಮೂಲ ವ್ಯಕ್ತಿಗಳು, ಶಾಲಾ ಮುಖ್ಯೋಪಾಧ್ಯಾಯರು, ದೈಹಿಕ ಶಿಕ್ಷಕರು, ವಿವಿಧ ಶಾಲೆಗಳ ಶಿಕ್ಷಕರು ಮತ್ತು ವಿದ್ಯಾರ್ಥಿಗಳು ಪಾಲ್ಗೊಂಡಿದ್ದರು.
